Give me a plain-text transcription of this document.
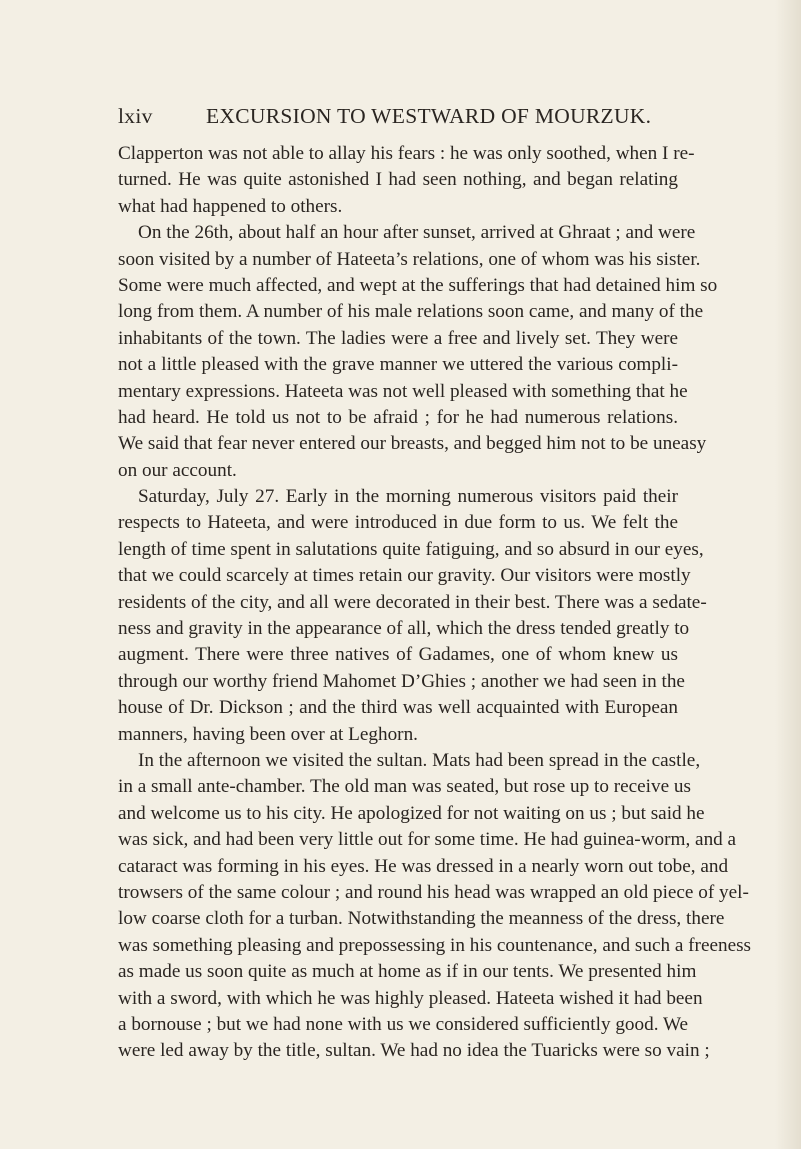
lxiv EXCURSION TO WESTWARD OF MOURZUK.
Clapperton was not able to allay his fears : he was only soothed, when I re-
turned. He was quite astonished I had seen nothing, and began relating
what had happened to others.
On the 26th, about half an hour after sunset, arrived at Ghraat ; and were
soon visited by a number of Hateeta’s relations, one of whom was his sister.
Some were much affected, and wept at the sufferings that had detained him so
long from them. A number of his male relations soon came, and many of the
inhabitants of the town. The ladies were a free and lively set. They were
not a little pleased with the grave manner we uttered the various compli-
mentary expressions. Hateeta was not well pleased with something that he
had heard. He told us not to be afraid ; for he had numerous relations.
We said that fear never entered our breasts, and begged him not to be uneasy
on our account.
Saturday, July 27. Early in the morning numerous visitors paid their
respects to Hateeta, and were introduced in due form to us. We felt the
length of time spent in salutations quite fatiguing, and so absurd in our eyes,
that we could scarcely at times retain our gravity. Our visitors were mostly
residents of the city, and all were decorated in their best. There was a sedate-
ness and gravity in the appearance of all, which the dress tended greatly to
augment. There were three natives of Gadames, one of whom knew us
through our worthy friend Mahomet D’Ghies ; another we had seen in the
house of Dr. Dickson ; and the third was well acquainted with European
manners, having been over at Leghorn.
In the afternoon we visited the sultan. Mats had been spread in the castle,
in a small ante-chamber. The old man was seated, but rose up to receive us
and welcome us to his city. He apologized for not waiting on us ; but said he
was sick, and had been very little out for some time. He had guinea-worm, and a
cataract was forming in his eyes. He was dressed in a nearly worn out tobe, and
trowsers of the same colour ; and round his head was wrapped an old piece of yel-
low coarse cloth for a turban. Notwithstanding the meanness of the dress, there
was something pleasing and prepossessing in his countenance, and such a freeness
as made us soon quite as much at home as if in our tents. We presented him
with a sword, with which he was highly pleased. Hateeta wished it had been
a bornouse ; but we had none with us we considered sufficiently good. We
were led away by the title, sultan. We had no idea the Tuaricks were so vain ;
